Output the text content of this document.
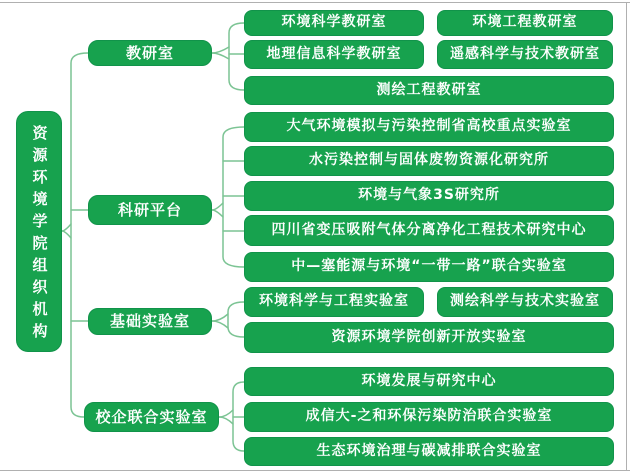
资源环境学院组织机构
教研室
科研平台
基础实验室
校企联合实验室
环境科学教研室	环境工程教研室
地理信息科学教研室	遥感科学与技术教研室
测绘工程教研室
大气环境模拟与污染控制省高校重点实验室
水污染控制与固体废物资源化研究所
环境与气象3S研究所
四川省变压吸附气体分离净化工程技术研究中心
中—塞能源与环境“一带一路”联合实验室
环境科学与工程实验室	测绘科学与技术实验室
资源环境学院创新开放实验室
环境发展与研究中心
成信大-之和环保污染防治联合实验室
生态环境治理与碳减排联合实验室
